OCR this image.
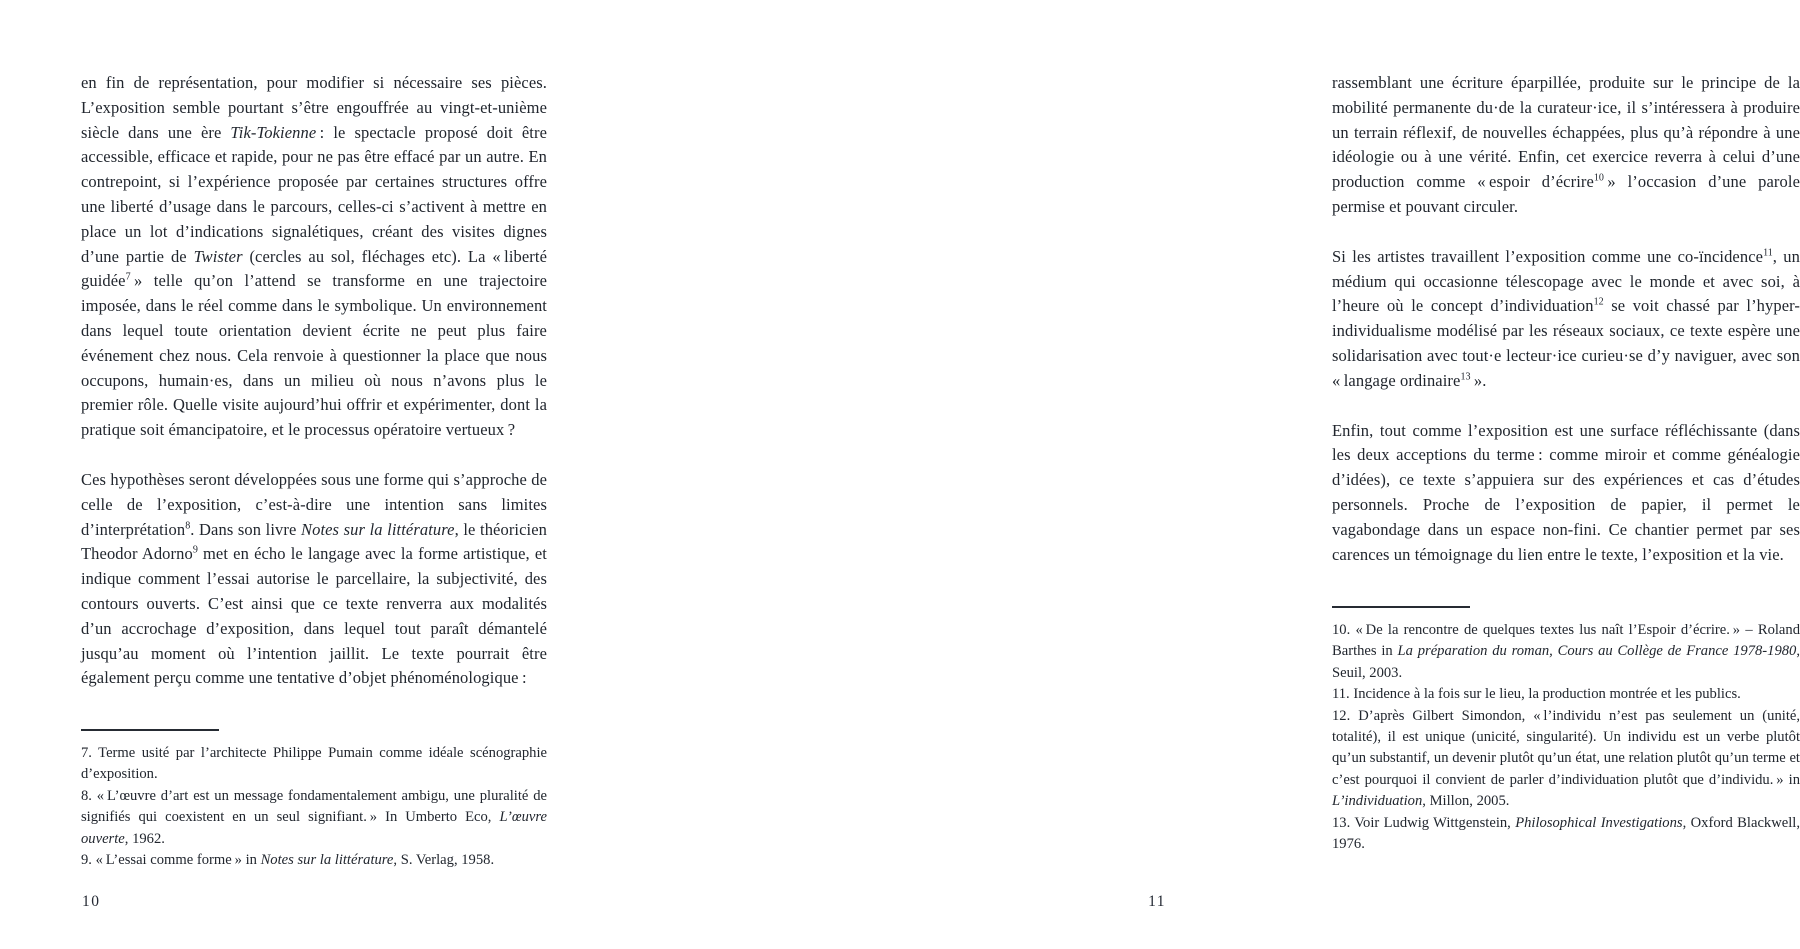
en fin de représentation, pour modifier si nécessaire ses pièces. L’exposition semble pourtant s’être engouffrée au vingt-et-unième siècle dans une ère Tik-Tokienne : le spectacle proposé doit être accessible, efficace et rapide, pour ne pas être effacé par un autre. En contrepoint, si l’expérience proposée par certaines structures offre une liberté d’usage dans le parcours, celles-ci s’activent à mettre en place un lot d’indications signalétiques, créant des visites dignes d’une partie de Twister (cercles au sol, fléchages etc). La « liberté guidée$^7$ » telle qu’on l’attend se transforme en une trajectoire imposée, dans le réel comme dans le symbolique. Un environnement dans lequel toute orientation devient écrite ne peut plus faire événement chez nous. Cela renvoie à questionner la place que nous occupons, humain·es, dans un milieu où nous n’avons plus le premier rôle. Quelle visite aujourd’hui offrir et expérimenter, dont la pratique soit émancipatoire, et le processus opératoire vertueux ?

Ces hypothèses seront développées sous une forme qui s’approche de celle de l’exposition, c’est-à-dire une intention sans limites d’interprétation$^8$. Dans son livre Notes sur la littérature, le théoricien Theodor Adorno$^9$ met en écho le langage avec la forme artistique, et indique comment l’essai autorise le parcellaire, la subjectivité, des contours ouverts. C’est ainsi que ce texte renverra aux modalités d’un accrochage d’exposition, dans lequel tout paraît démantelé jusqu’au moment où l’intention jaillit. Le texte pourrait être également perçu comme une tentative d’objet phénoménologique :

7. Terme usité par l’architecte Philippe Pumain comme idéale scénographie d’exposition.

8. « L’œuvre d’art est un message fondamentalement ambigu, une pluralité de signifiés qui coexistent en un seul signifiant. » In Umberto Eco, L’œuvre ouverte, 1962.

9. « L’essai comme forme » in Notes sur la littérature, S. Verlag, 1958.

10

rassemblant une écriture éparpillée, produite sur le principe de la mobilité permanente du·de la curateur·ice, il s’intéressera à produire un terrain réflexif, de nouvelles échappées, plus qu’à répondre à une idéologie ou à une vérité. Enfin, cet exercice reverra à celui d’une production comme « espoir d’écrire$^{10}$ » l’occasion d’une parole permise et pouvant circuler.

Si les artistes travaillent l’exposition comme une co-ïncidence$^{11}$, un médium qui occasionne télescopage avec le monde et avec soi, à l’heure où le concept d’individuation$^{12}$ se voit chassé par l’hyper-individualisme modélisé par les réseaux sociaux, ce texte espère une solidarisation avec tout·e lecteur·ice curieu·se d’y naviguer, avec son « langage ordinaire$^{13}$ ».

Enfin, tout comme l’exposition est une surface réfléchissante (dans les deux acceptions du terme : comme miroir et comme généalogie d’idées), ce texte s’appuiera sur des expériences et cas d’études personnels. Proche de l’exposition de papier, il permet le vagabondage dans un espace non-fini. Ce chantier permet par ses carences un témoignage du lien entre le texte, l’exposition et la vie.

10. « De la rencontre de quelques textes lus naît l’Espoir d’écrire. » – Roland Barthes in La préparation du roman, Cours au Collège de France 1978-1980, Seuil, 2003.

11. Incidence à la fois sur le lieu, la production montrée et les publics.

12. D’après Gilbert Simondon, « l’individu n’est pas seulement un (unité, totalité), il est unique (unicité, singularité). Un individu est un verbe plutôt qu’un substantif, un devenir plutôt qu’un état, une relation plutôt qu’un terme et c’est pourquoi il convient de parler d’individuation plutôt que d’individu. » in L’individuation, Millon, 2005.

13. Voir Ludwig Wittgenstein, Philosophical Investigations, Oxford Blackwell, 1976.

11
